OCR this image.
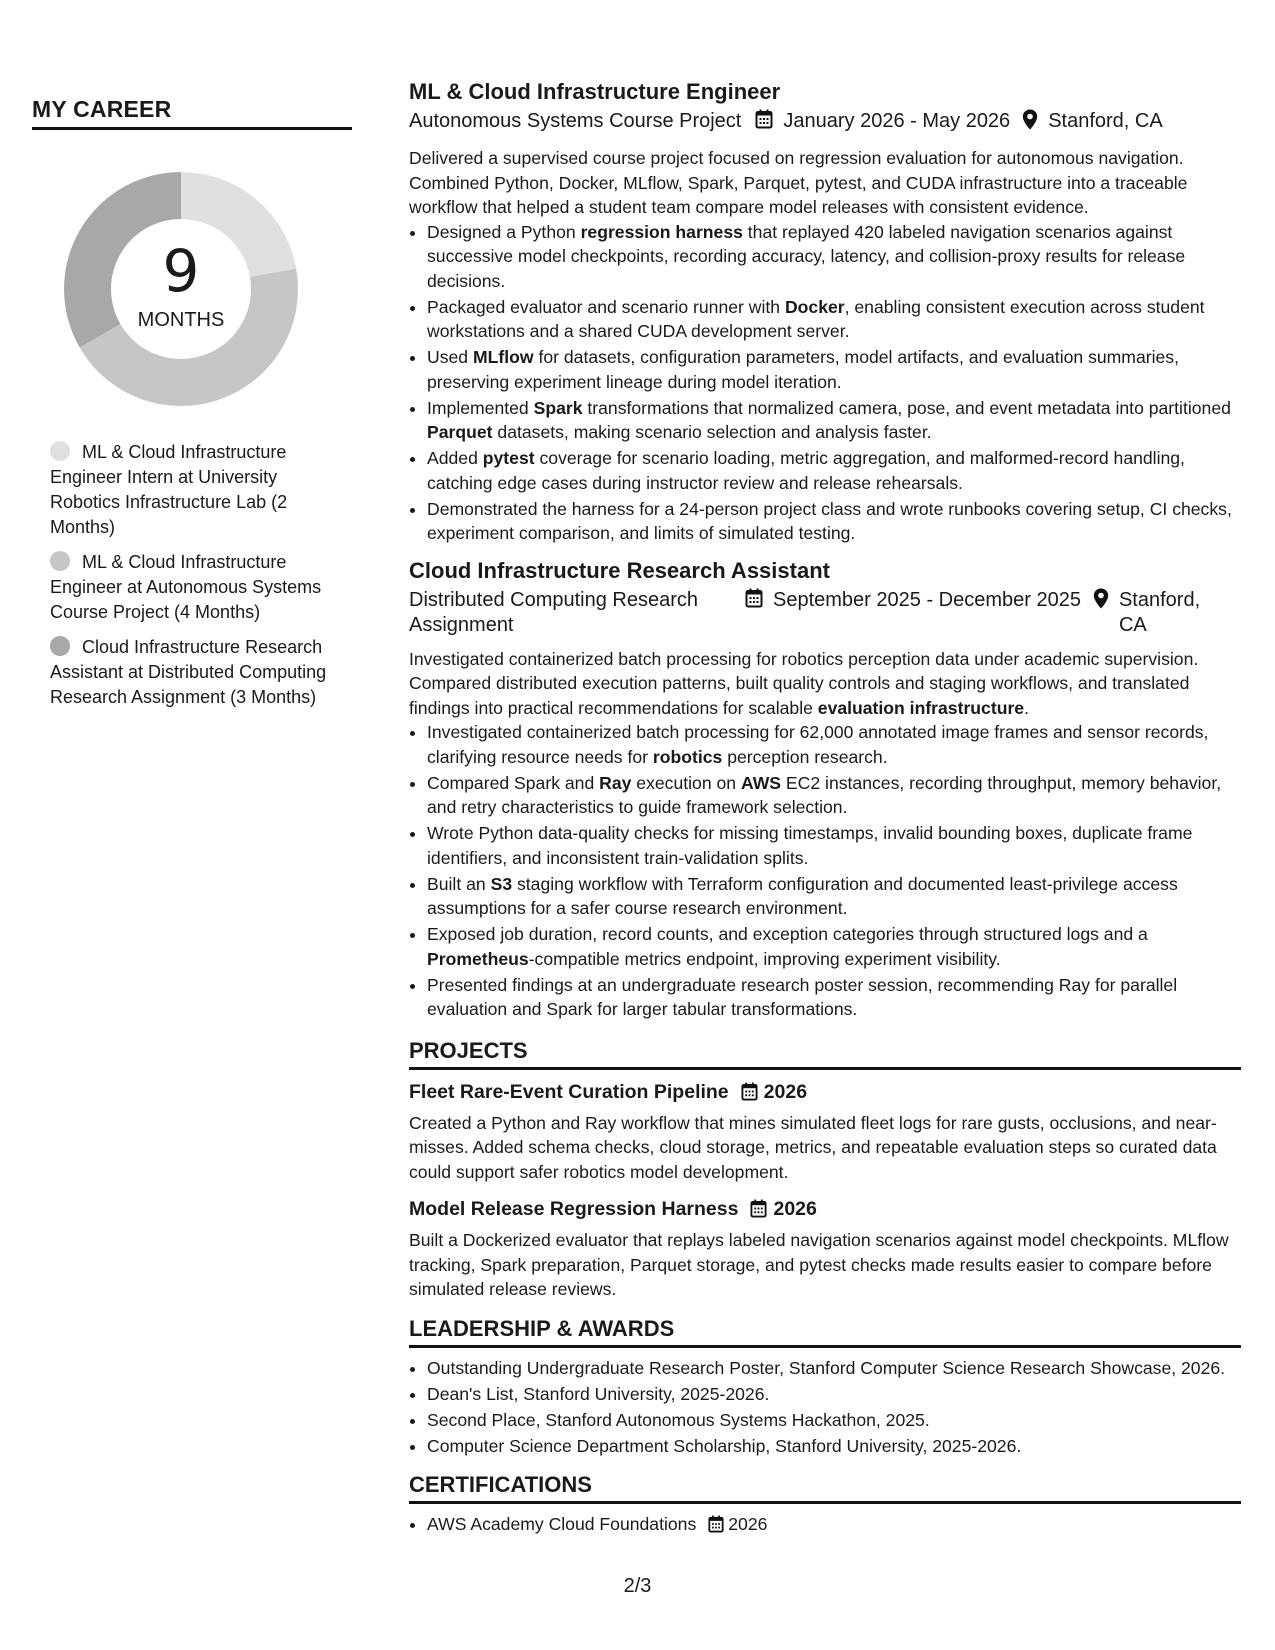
MY CAREER
9
MONTHS
ML & Cloud Infrastructure Engineer Intern at University Robotics Infrastructure Lab (2 Months)
ML & Cloud Infrastructure Engineer at Autonomous Systems Course Project (4 Months)
Cloud Infrastructure Research Assistant at Distributed Computing Research Assignment (3 Months)
ML & Cloud Infrastructure Engineer
Autonomous Systems Course Project January 2026 - May 2026 Stanford, CA

Delivered a supervised course project focused on regression evaluation for autonomous navigation. Combined Python, Docker, MLflow, Spark, Parquet, pytest, and CUDA infrastructure into a traceable workflow that helped a student team compare model releases with consistent evidence.

• Designed a Python regression harness that replayed 420 labeled navigation scenarios against successive model checkpoints, recording accuracy, latency, and collision-proxy results for release decisions.
• Packaged evaluator and scenario runner with Docker, enabling consistent execution across student workstations and a shared CUDA development server.
• Used MLflow for datasets, configuration parameters, model artifacts, and evaluation summaries, preserving experiment lineage during model iteration.
• Implemented Spark transformations that normalized camera, pose, and event metadata into partitioned Parquet datasets, making scenario selection and analysis faster.
• Added pytest coverage for scenario loading, metric aggregation, and malformed-record handling, catching edge cases during instructor review and release rehearsals.
• Demonstrated the harness for a 24-person project class and wrote runbooks covering setup, CI checks, experiment comparison, and limits of simulated testing.
Cloud Infrastructure Research Assistant
Distributed Computing Research Assignment
September 2025 - December 2025 Stanford, CA

Investigated containerized batch processing for robotics perception data under academic supervision. Compared distributed execution patterns, built quality controls and staging workflows, and translated findings into practical recommendations for scalable evaluation infrastructure.

• Investigated containerized batch processing for 62,000 annotated image frames and sensor records, clarifying resource needs for robotics perception research.
• Compared Spark and Ray execution on AWS EC2 instances, recording throughput, memory behavior, and retry characteristics to guide framework selection.
• Wrote Python data-quality checks for missing timestamps, invalid bounding boxes, duplicate frame identifiers, and inconsistent train-validation splits.
• Built an S3 staging workflow with Terraform configuration and documented least-privilege access assumptions for a safer course research environment.
• Exposed job duration, record counts, and exception categories through structured logs and a Prometheus-compatible metrics endpoint, improving experiment visibility.
• Presented findings at an undergraduate research poster session, recommending Ray for parallel evaluation and Spark for larger tabular transformations.
PROJECTS
Fleet Rare-Event Curation Pipeline 2026

Created a Python and Ray workflow that mines simulated fleet logs for rare gusts, occlusions, and near-misses. Added schema checks, cloud storage, metrics, and repeatable evaluation steps so curated data could support safer robotics model development.

Model Release Regression Harness 2026

Built a Dockerized evaluator that replays labeled navigation scenarios against model checkpoints. MLflow tracking, Spark preparation, Parquet storage, and pytest checks made results easier to compare before simulated release reviews.

LEADERSHIP & AWARDS
• Outstanding Undergraduate Research Poster, Stanford Computer Science Research Showcase, 2026.
• Dean's List, Stanford University, 2025-2026.
• Second Place, Stanford Autonomous Systems Hackathon, 2025.
• Computer Science Department Scholarship, Stanford University, 2025-2026.
CERTIFICATIONS
• AWS Academy Cloud Foundations 2026
2/3
